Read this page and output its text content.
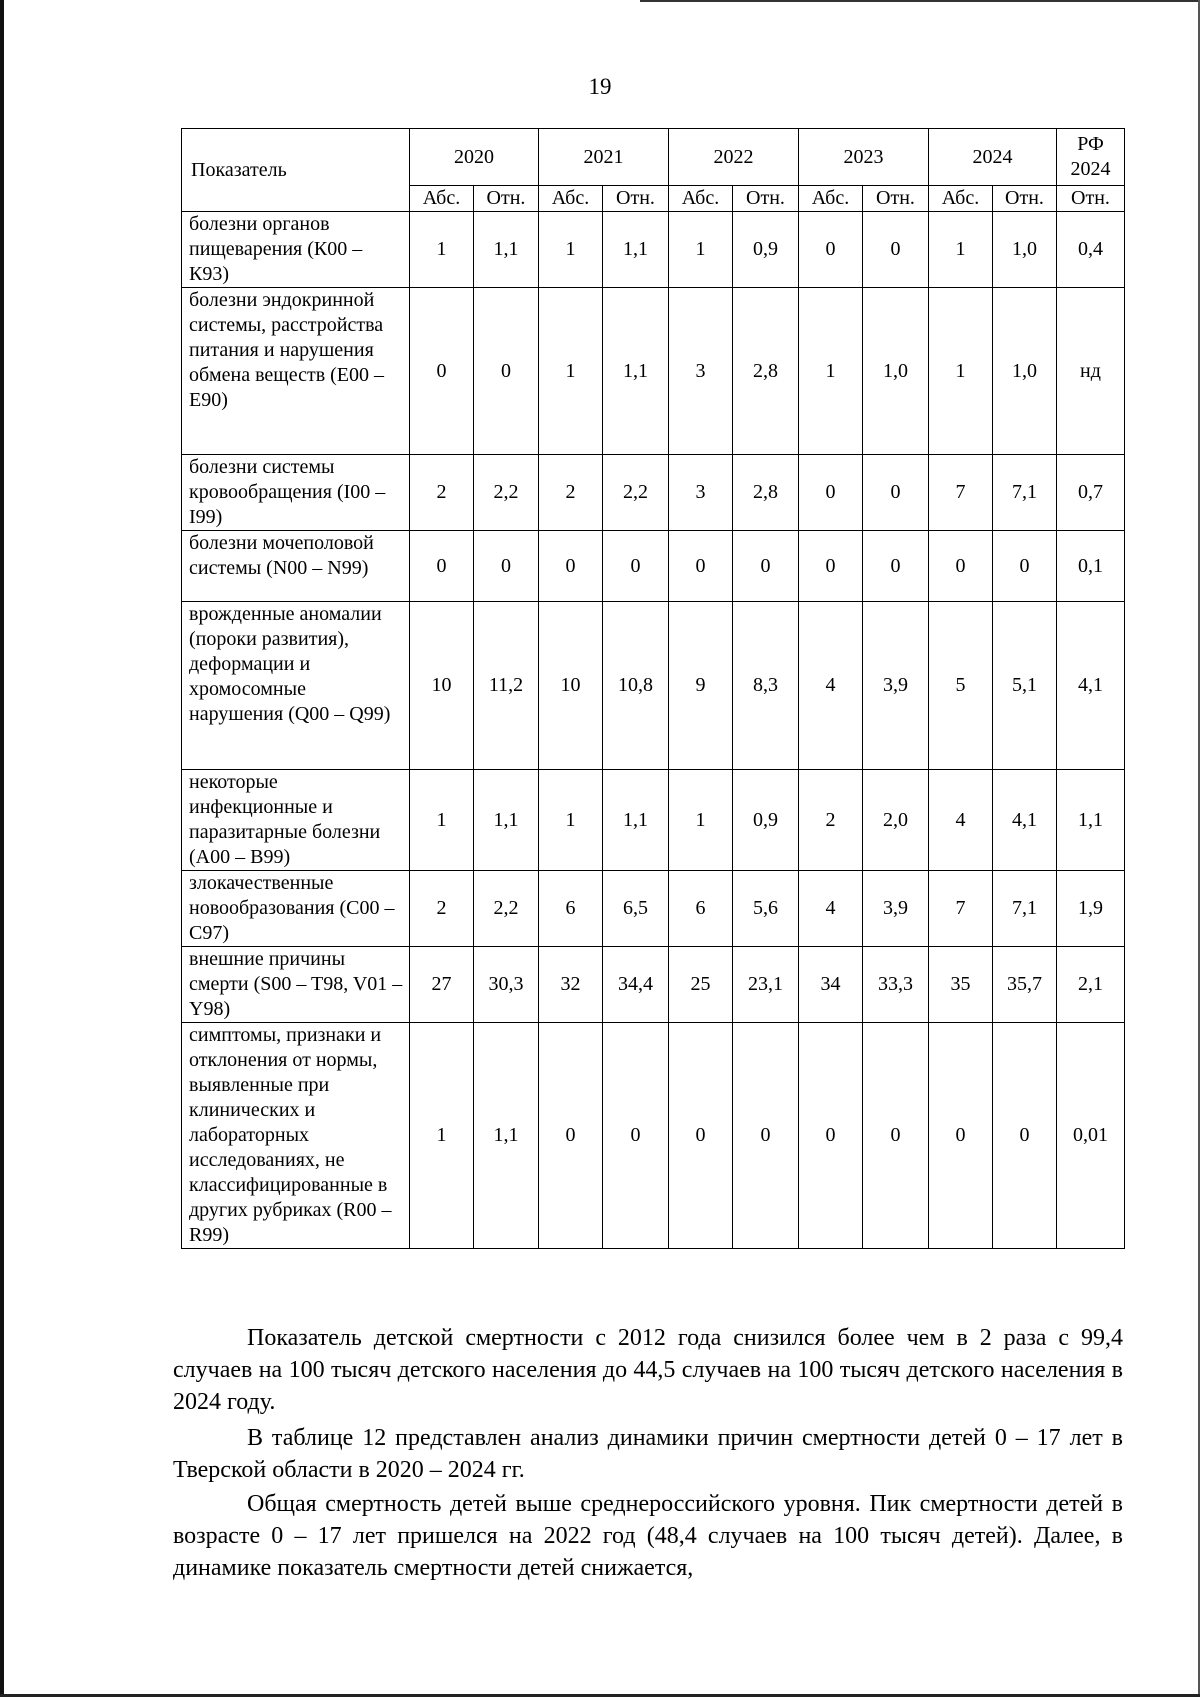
19
Показатель	2020		2021		2022		2023		2024		РФ
2024
	Абс.	Отн.	Абс.	Отн.	Абс.	Отн.	Абс.	Отн.	Абс.	Отн.	Отн.
болезни органов пищеварения (К00 – К93)	1	1,1	1	1,1	1	0,9	0	0	1	1,0	0,4
болезни эндокринной системы, расстройства питания и нарушения обмена веществ (Е00 – Е90)	0	0	1	1,1	3	2,8	1	1,0	1	1,0	нд
болезни системы кровообращения (I00 – I99)	2	2,2	2	2,2	3	2,8	0	0	7	7,1	0,7
болезни мочеполовой системы (N00 – N99)	0	0	0	0	0	0	0	0	0	0	0,1
врожденные аномалии (пороки развития), деформации и хромосомные нарушения (Q00 – Q99)	10	11,2	10	10,8	9	8,3	4	3,9	5	5,1	4,1
некоторые инфекционные и паразитарные болезни (А00 – В99)	1	1,1	1	1,1	1	0,9	2	2,0	4	4,1	1,1
злокачественные новообразования (С00 – С97)	2	2,2	6	6,5	6	5,6	4	3,9	7	7,1	1,9
внешние причины смерти (S00 – T98, V01 – Y98)	27	30,3	32	34,4	25	23,1	34	33,3	35	35,7	2,1
симптомы, признаки и отклонения от нормы, выявленные при клинических и лабораторных исследованиях, не классифицированные в других рубриках (R00 – R99)	1	1,1	0	0	0	0	0	0	0	0	0,01

Показатель детской смертности с 2012 года снизился более чем в 2 раза с 99,4 случаев на 100 тысяч детского населения до 44,5 случаев на 100 тысяч детского населения в 2024 году.

В таблице 12 представлен анализ динамики причин смертности детей 0 – 17 лет в Тверской области в 2020 – 2024 гг.

Общая смертность детей выше среднероссийского уровня. Пик смертности детей в возрасте 0 – 17 лет пришелся на 2022 год (48,4 случаев на 100 тысяч детей). Далее, в динамике показатель смертности детей снижается,
